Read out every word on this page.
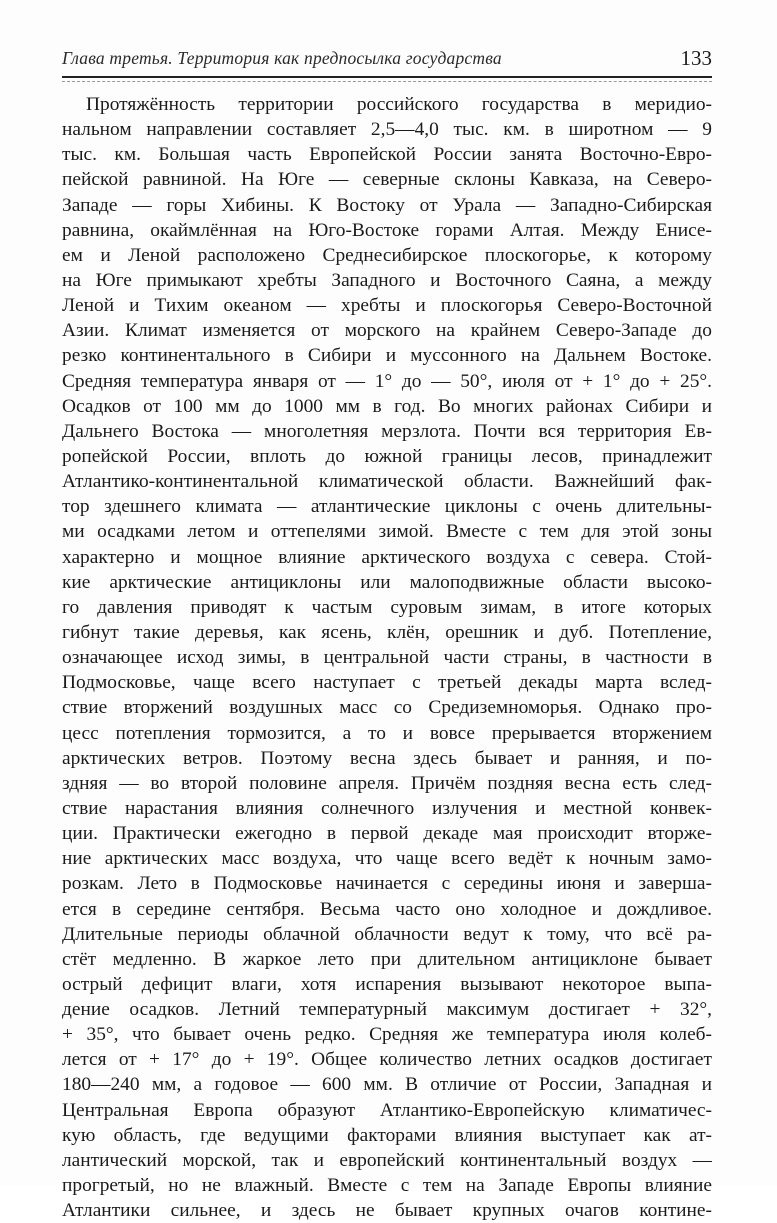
Глава третья. Территория как предпосылка государства	133
Протяжённость территории российского государства в меридио-
нальном направлении составляет 2,5—4,0 тыс. км. в широтном — 9
тыс. км. Большая часть Европейской России занята Восточно-Евро-
пейской равниной. На Юге — северные склоны Кавказа, на Северо-
Западе — горы Хибины. К Востоку от Урала — Западно-Сибирская
равнина, окаймлённая на Юго-Востоке горами Алтая. Между Енисе-
ем и Леной расположено Среднесибирское плоскогорье, к которому
на Юге примыкают хребты Западного и Восточного Саяна, а между
Леной и Тихим океаном — хребты и плоскогорья Северо-Восточной
Азии. Климат изменяется от морского на крайнем Северо-Западе до
резко континентального в Сибири и муссонного на Дальнем Востоке.
Средняя температура января от — 1° до — 50°, июля от + 1° до + 25°.
Осадков от 100 мм до 1000 мм в год. Во многих районах Сибири и
Дальнего Востока — многолетняя мерзлота. Почти вся территория Ев-
ропейской России, вплоть до южной границы лесов, принадлежит
Атлантико-континентальной климатической области. Важнейший фак-
тор здешнего климата — атлантические циклоны с очень длительны-
ми осадками летом и оттепелями зимой. Вместе с тем для этой зоны
характерно и мощное влияние арктического воздуха с севера. Стой-
кие арктические антициклоны или малоподвижные области высоко-
го давления приводят к частым суровым зимам, в итоге которых
гибнут такие деревья, как ясень, клён, орешник и дуб. Потепление,
означающее исход зимы, в центральной части страны, в частности в
Подмосковье, чаще всего наступает с третьей декады марта вслед-
ствие вторжений воздушных масс со Средиземноморья. Однако про-
цесс потепления тормозится, а то и вовсе прерывается вторжением
арктических ветров. Поэтому весна здесь бывает и ранняя, и по-
здняя — во второй половине апреля. Причём поздняя весна есть след-
ствие нарастания влияния солнечного излучения и местной конвек-
ции. Практически ежегодно в первой декаде мая происходит вторже-
ние арктических масс воздуха, что чаще всего ведёт к ночным замо-
розкам. Лето в Подмосковье начинается с середины июня и заверша-
ется в середине сентября. Весьма часто оно холодное и дождливое.
Длительные периоды облачной облачности ведут к тому, что всё ра-
стёт медленно. В жаркое лето при длительном антициклоне бывает
острый дефицит влаги, хотя испарения вызывают некоторое выпа-
дение осадков. Летний температурный максимум достигает + 32°,
+ 35°, что бывает очень редко. Средняя же температура июля колеб-
лется от + 17° до + 19°. Общее количество летних осадков достигает
180—240 мм, а годовое — 600 мм. В отличие от России, Западная и
Центральная Европа образуют Атлантико-Европейскую климатичес-
кую область, где ведущими факторами влияния выступает как ат-
лантический морской, так и европейский континентальный воздух —
прогретый, но не влажный. Вместе с тем на Западе Европы влияние
Атлантики сильнее, и здесь не бывает крупных очагов контине-
